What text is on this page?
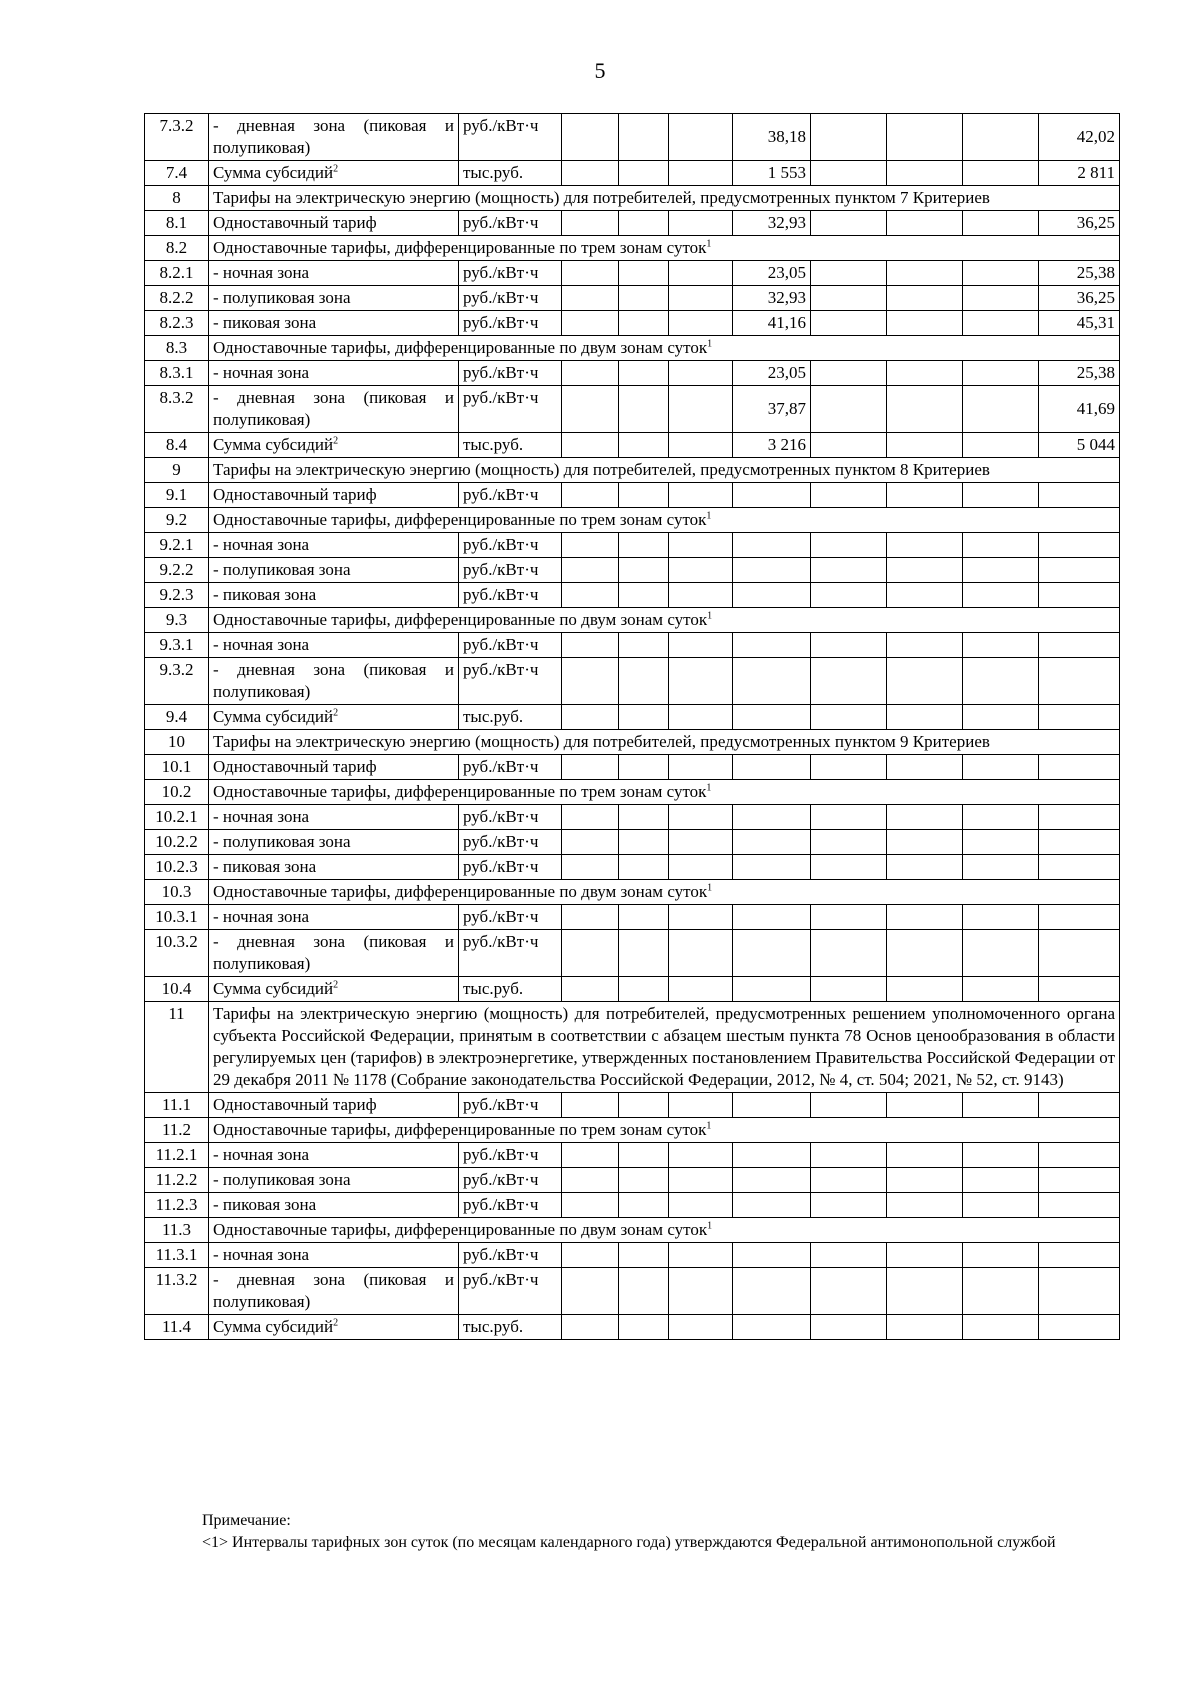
5
7.3.2	- дневная зона (пиковая и полупиковая)	руб./кВт·ч				38,18				42,02
7.4	Сумма субсидий$^2$	тыс.руб.				1 553				2 811
8	Тарифы на электрическую энергию (мощность) для потребителей, предусмотренных пунктом 7 Критериев									
8.1	Одноставочный тариф	руб./кВт·ч				32,93				36,25
8.2	Одноставочные тарифы, дифференцированные по трем зонам суток$^1$
8.2.1	- ночная зона	руб./кВт·ч				23,05				25,38
8.2.2	- полупиковая зона	руб./кВт·ч				32,93				36,25
8.2.3	- пиковая зона	руб./кВт·ч				41,16				45,31
8.3	Одноставочные тарифы, дифференцированные по двум зонам суток$^1$
8.3.1	- ночная зона	руб./кВт·ч				23,05				25,38
8.3.2	- дневная зона (пиковая и полупиковая)	руб./кВт·ч				37,87				41,69
8.4	Сумма субсидий$^2$	тыс.руб.				3 216				5 044
9	Тарифы на электрическую энергию (мощность) для потребителей, предусмотренных пунктом 8 Критериев									
9.1	Одноставочный тариф	руб./кВт·ч								
9.2	Одноставочные тарифы, дифференцированные по трем зонам суток$^1$
9.2.1	- ночная зона	руб./кВт·ч								
9.2.2	- полупиковая зона	руб./кВт·ч								
9.2.3	- пиковая зона	руб./кВт·ч								
9.3	Одноставочные тарифы, дифференцированные по двум зонам суток$^1$
9.3.1	- ночная зона	руб./кВт·ч								
9.3.2	- дневная зона (пиковая и полупиковая)	руб./кВт·ч								
9.4	Сумма субсидий$^2$	тыс.руб.								
10	Тарифы на электрическую энергию (мощность) для потребителей, предусмотренных пунктом 9 Критериев									
10.1	Одноставочный тариф	руб./кВт·ч								
10.2	Одноставочные тарифы, дифференцированные по трем зонам суток$^1$
10.2.1	- ночная зона	руб./кВт·ч								
10.2.2	- полупиковая зона	руб./кВт·ч								
10.2.3	- пиковая зона	руб./кВт·ч								
10.3	Одноставочные тарифы, дифференцированные по двум зонам суток$^1$
10.3.1	- ночная зона	руб./кВт·ч								
10.3.2	- дневная зона (пиковая и полупиковая)	руб./кВт·ч								
10.4	Сумма субсидий$^2$	тыс.руб.								
11	Тарифы на электрическую энергию (мощность) для потребителей, предусмотренных решением уполномоченного органа субъекта Российской Федерации, принятым в соответствии с абзацем шестым пункта 78 Основ ценообразования в области регулируемых цен (тарифов) в электроэнергетике, утвержденных постановлением Правительства Российской Федерации от 29 декабря 2011 № 1178 (Собрание законодательства Российской Федерации, 2012, № 4, ст. 504; 2021, № 52, ст. 9143)									
11.1	Одноставочный тариф	руб./кВт·ч								
11.2	Одноставочные тарифы, дифференцированные по трем зонам суток$^1$
11.2.1	- ночная зона	руб./кВт·ч								
11.2.2	- полупиковая зона	руб./кВт·ч								
11.2.3	- пиковая зона	руб./кВт·ч								
11.3	Одноставочные тарифы, дифференцированные по двум зонам суток$^1$
11.3.1	- ночная зона	руб./кВт·ч								
11.3.2	- дневная зона (пиковая и полупиковая)	руб./кВт·ч								
11.4	Сумма субсидий$^2$	тыс.руб.								
Примечание:
<1> Интервалы тарифных зон суток (по месяцам календарного года) утверждаются Федеральной антимонопольной службой
